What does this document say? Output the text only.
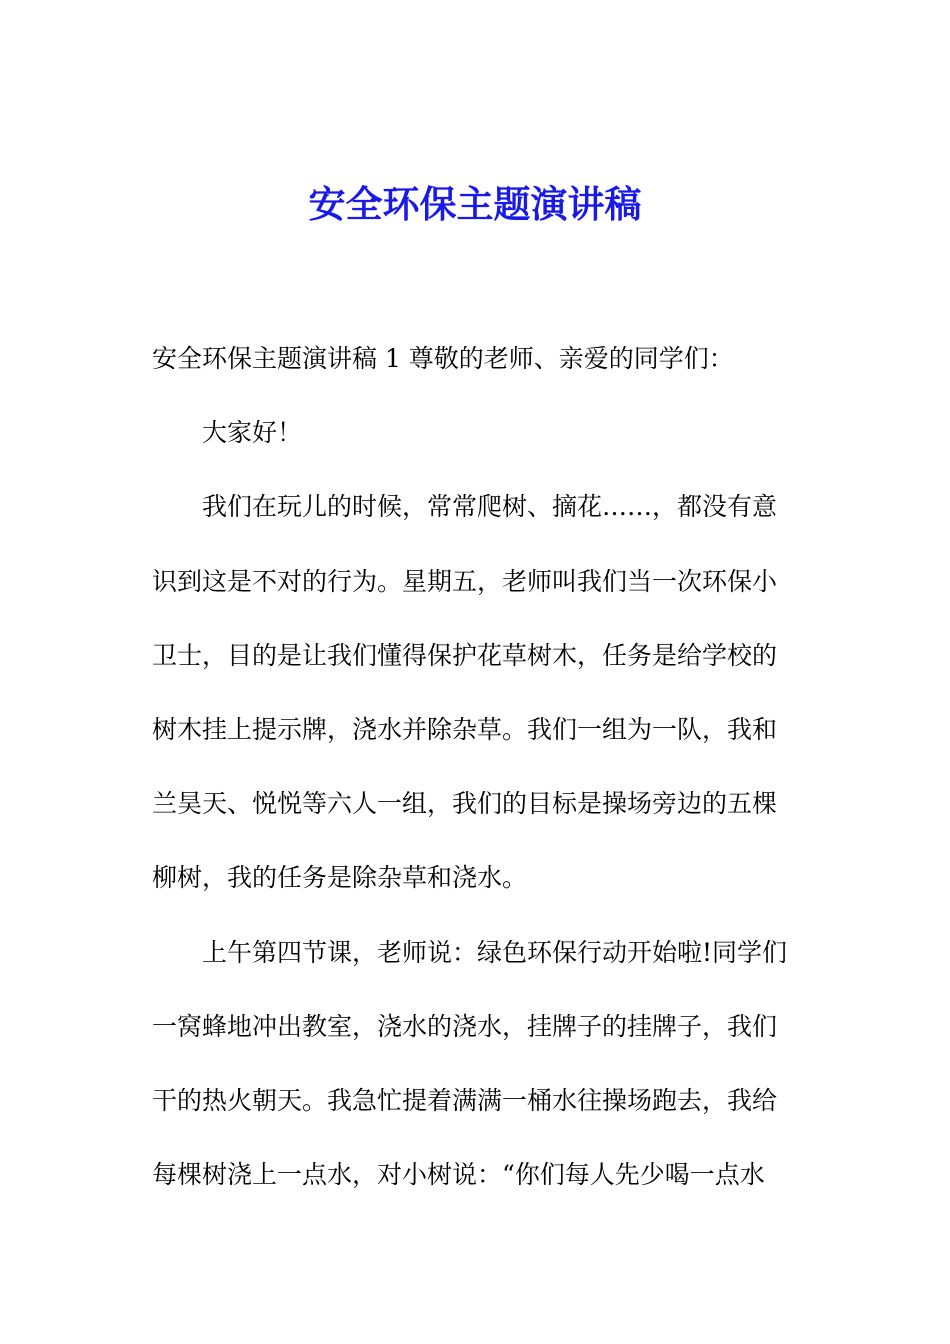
安全环保主题演讲稿

安全环保主题演讲稿 1 尊敬的老师、亲爱的同学们：

大家好！

我们在玩儿的时候，常常爬树、摘花……，都没有意

识到这是不对的行为。星期五，老师叫我们当一次环保小

卫士，目的是让我们懂得保护花草树木，任务是给学校的

树木挂上提示牌，浇水并除杂草。我们一组为一队，我和

兰昊天、悦悦等六人一组，我们的目标是操场旁边的五棵

柳树，我的任务是除杂草和浇水。

上午第四节课，老师说：绿色环保行动开始啦!同学们

一窝蜂地冲出教室，浇水的浇水，挂牌子的挂牌子，我们

干的热火朝天。我急忙提着满满一桶水往操场跑去，我给

每棵树浇上一点水，对小树说：“你们每人先少喝一点水
